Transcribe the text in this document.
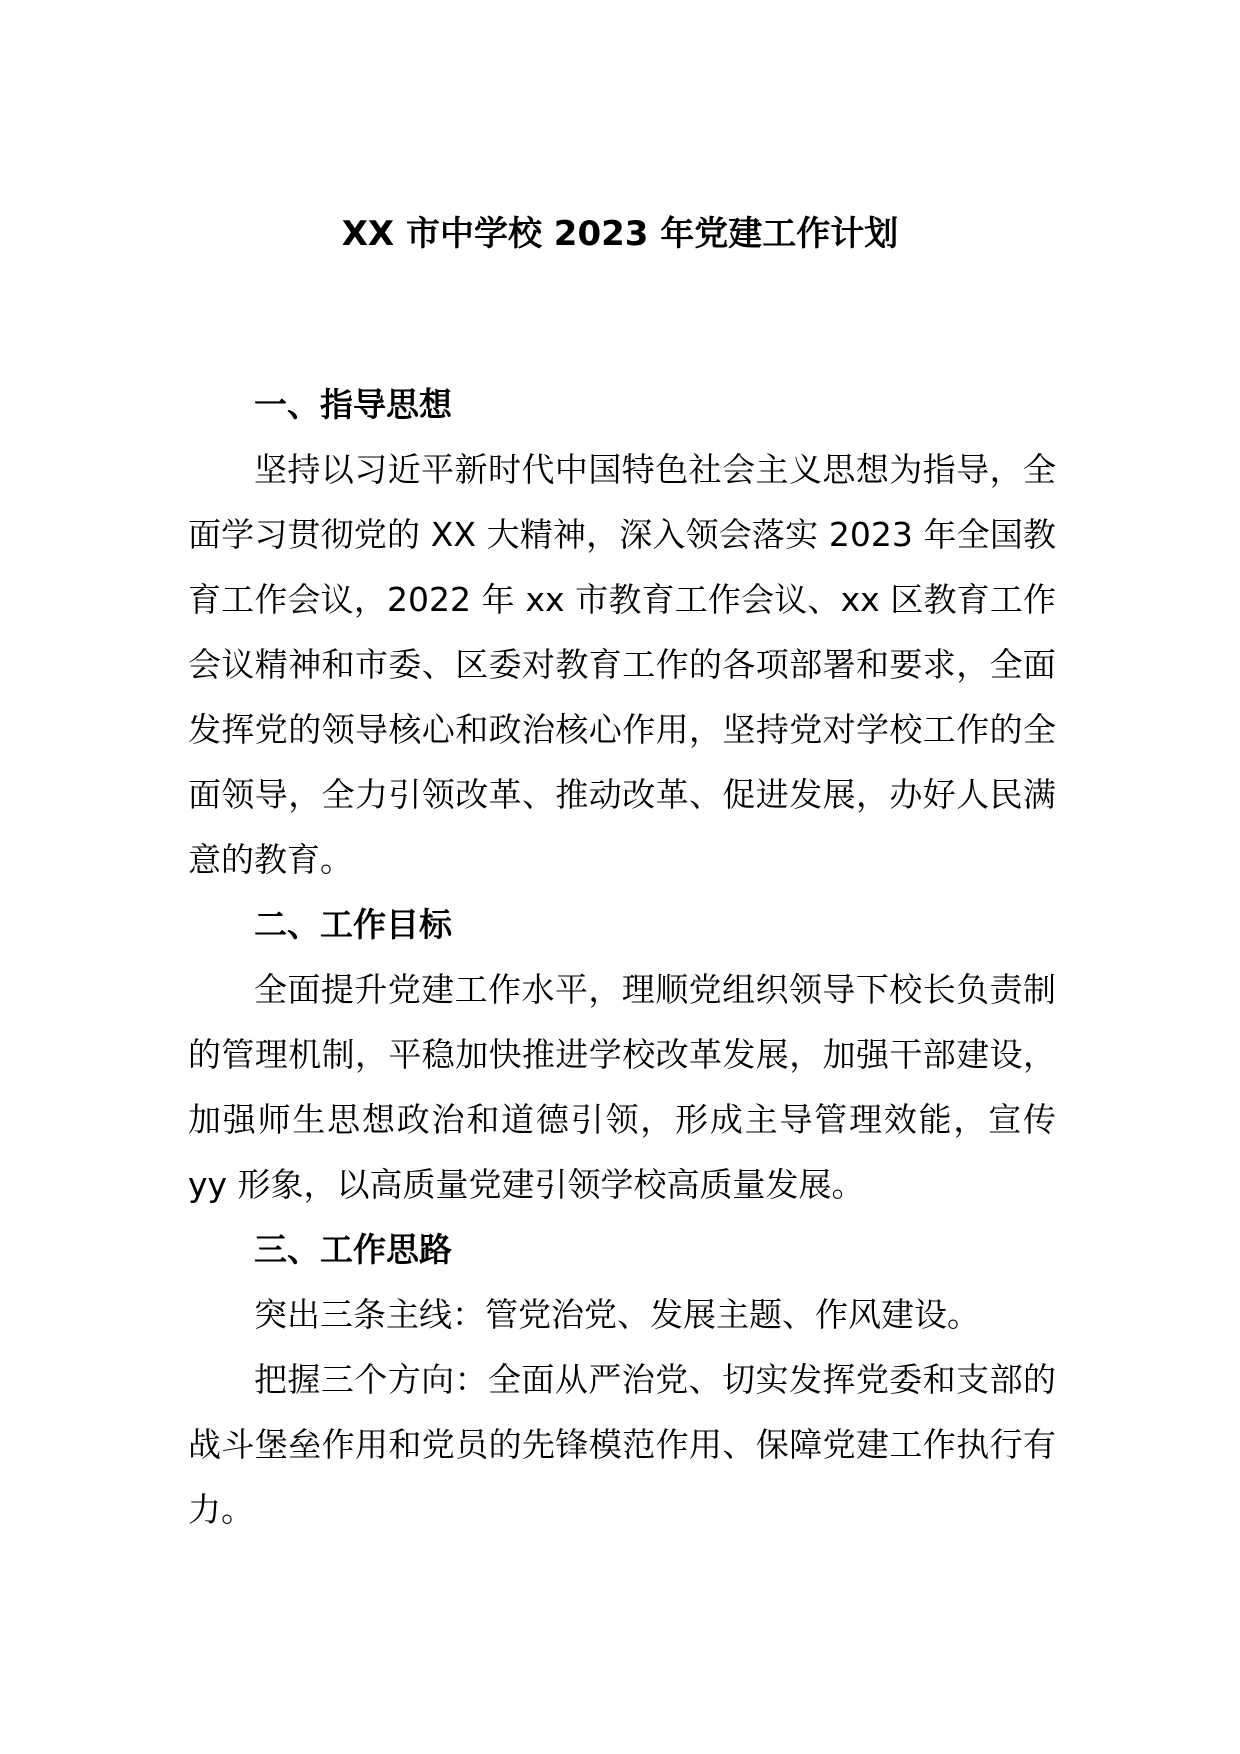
XX 市中学校 2023 年党建工作计划

一、指导思想

坚持以习近平新时代中国特色社会主义思想为指导，全面学习贯彻党的 XX 大精神，深入领会落实 2023 年全国教育工作会议，2022 年 xx 市教育工作会议、xx 区教育工作会议精神和市委、区委对教育工作的各项部署和要求，全面发挥党的领导核心和政治核心作用，坚持党对学校工作的全面领导，全力引领改革、推动改革、促进发展，办好人民满意的教育。

二、工作目标

全面提升党建工作水平，理顺党组织领导下校长负责制的管理机制，平稳加快推进学校改革发展，加强干部建设，加强师生思想政治和道德引领，形成主导管理效能，宣传 yy 形象，以高质量党建引领学校高质量发展。

三、工作思路

突出三条主线：管党治党、发展主题、作风建设。

把握三个方向：全面从严治党、切实发挥党委和支部的战斗堡垒作用和党员的先锋模范作用、保障党建工作执行有力。
